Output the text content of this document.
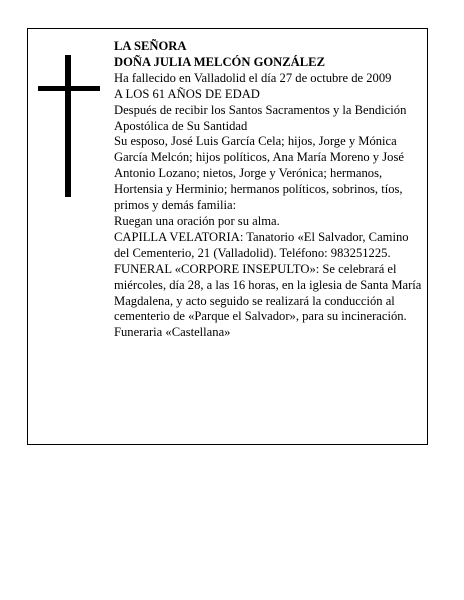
LA SEÑORA

DOÑA JULIA MELCÓN GONZÁLEZ

Ha fallecido en Valladolid el día 27 de octubre de 2009

A LOS 61 AÑOS DE EDAD

Después de recibir los Santos Sacramentos y la Bendición Apostólica de Su Santidad

Su esposo, José Luis García Cela; hijos, Jorge y Mónica García Melcón; hijos políticos, Ana María Moreno y José Antonio Lozano; nietos, Jorge y Verónica; hermanos, Hortensia y Herminio; hermanos políticos, sobrinos, tíos, primos y demás familia:

Ruegan una oración por su alma.

CAPILLA VELATORIA: Tanatorio «El Salvador, Camino del Cementerio, 21 (Valladolid). Teléfono: 983251225.

FUNERAL «CORPORE INSEPULTO»: Se celebrará el miércoles, día 28, a las 16 horas, en la iglesia de Santa María Magdalena, y acto seguido se realizará la conducción al cementerio de «Parque el Salvador», para su incineración.

Funeraria «Castellana»
